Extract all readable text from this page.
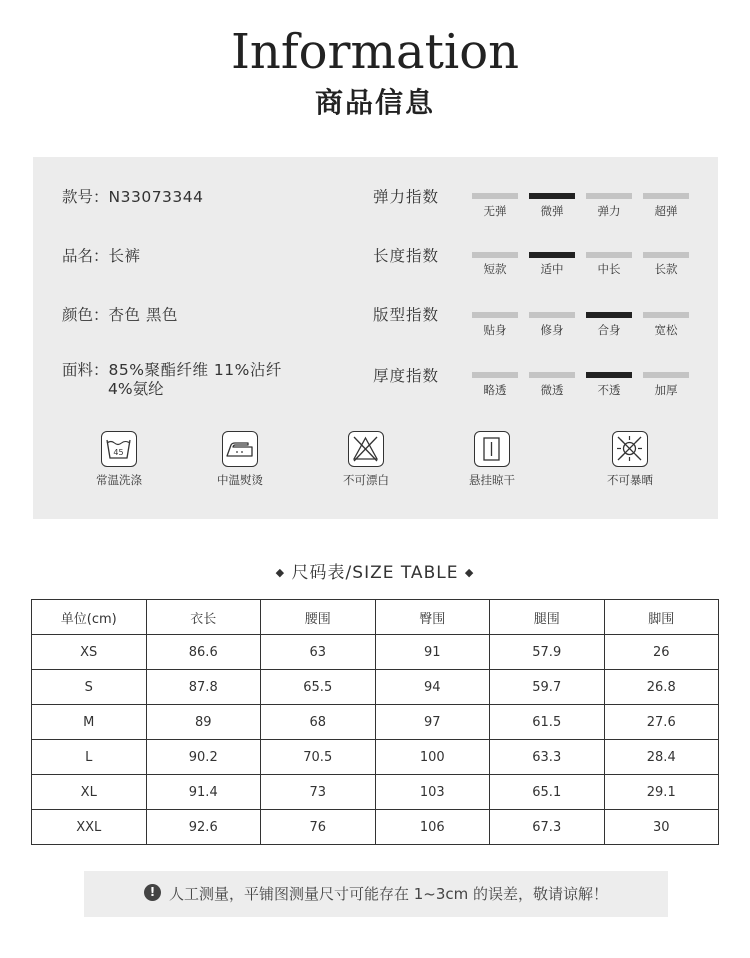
Information
商品信息
款号：N33073344
品名：长裤
颜色：杏色 黑色
面料：85%聚酯纤维 11%沾纤
4%氨纶
弹力指数
长度指数
版型指数
厚度指数
无弹	微弹	弹力	超弹
短款	适中	中长	长款
贴身	修身	合身	宽松
略透	微透	不透	加厚
45
常温洗涤	中温熨烫	不可漂白	悬挂晾干	不可暴晒
◆ 尺码表/SIZE TABLE ◆
单位(cm)	衣长	腰围	臀围	腿围	脚围
XS	86.6	63	91	57.9	26
S	87.8	65.5	94	59.7	26.8
M	89	68	97	61.5	27.6
L	90.2	70.5	100	63.3	28.4
XL	91.4	73	103	65.1	29.1
XXL	92.6	76	106	67.3	30
! 人工测量，平铺图测量尺寸可能存在 1~3cm 的误差，敬请谅解！
